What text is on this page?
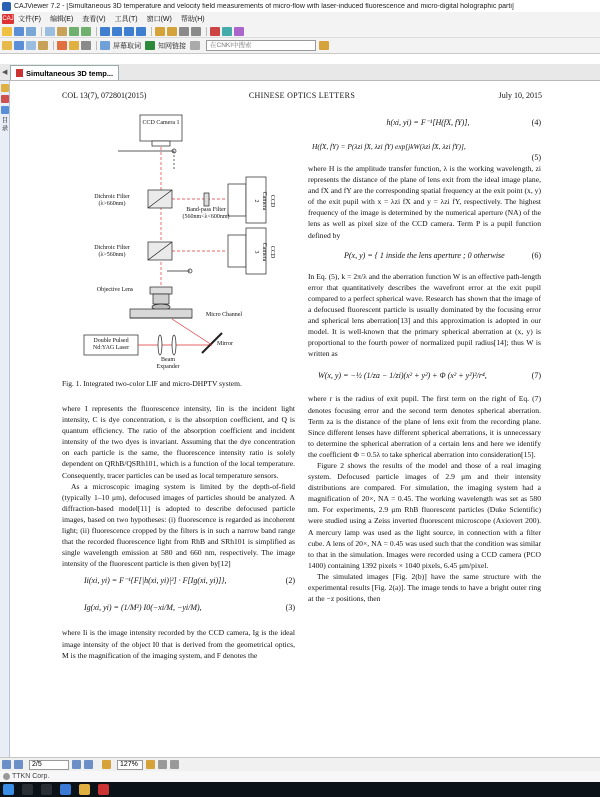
CAJViewer 7.2 - [Simultaneous 3D temperature and velocity field measurements of micro-flow with laser-induced fluorescence and micro-digital holographic parti]
CAJ 文件(F) 编辑(E) 查看(V) 工具(T) 窗口(W) 帮助(H)
屏幕取词 知网链接	在CNKI中搜索
◀	Simultaneous 3D temp...
目录
COL 13(7), 072801(2015)	CHINESE OPTICS LETTERS	July 10, 2015
CCD Camera 1
CCD Camera 2
CCD Camera 3
Dichroic Filter
(λ>660nm)
Dichroic Filter
(λ>560nm)
Band-pass Filter
(560nm<λ<600nm)
Objective Lens
Micro Channel
Double Pulsed
Nd:YAG Laser
Mirror
Beam
Expander
Fig. 1. Integrated two-color LIF and micro-DHPTV system.
where I represents the fluorescence intensity, Iin is the incident light intensity, C is dye concentration, ε is the absorption coefficient, and Q is quantum efficiency. The ratio of the absorption coefficient and incident intensity of the two dyes is invariant. Assuming that the dye concentration on each particle is the same, the fluorescence intensity ratio is solely dependent on QRhB/QSRh101, which is a function of the local temperature. Consequently, tracer particles can be used as local temperature sensors.
As a microscopic imaging system is limited by the depth-of-field (typically 1–10 μm), defocused images of particles should be analyzed. A diffraction-based model[11] is adopted to describe defocused particle images, based on two hypotheses: (i) fluorescence is regarded as incoherent light; (ii) fluorescence cropped by the filters is in such a narrow band range that the recorded fluorescence light from RhB and SRh101 is simplified as single wavelength emission at 580 and 660 nm, respectively. The image intensity of the fluorescent particle is then given by[12]
Ii(xi, yi) = F⁻¹{F[|h(xi, yi)|²] · F[Ig(xi, yi)]},	(2)
Ig(xi, yi) = (1/M²) I0(−xi/M, −yi/M),	(3)
where Ii is the image intensity recorded by the CCD camera, Ig is the ideal image intensity of the object I0 that is derived from the geometrical optics, M is the magnification of the imaging system, and F denotes the
h(xi, yi) = F⁻¹[H(fX, fY)],	(4)
H(fX, fY) = P(λzi fX, λzi fY) exp[jkW(λzi fX, λzi fY)],
(5)
where H is the amplitude transfer function, λ is the working wavelength, zi represents the distance of the plane of lens exit from the ideal image plane, and fX and fY are the corresponding spatial frequency at the exit point (x, y) of the exit pupil with x = λzi fX and y = λzi fY, respectively. The highest frequency of the image is determined by the numerical aperture (NA) of the lens as well as pixel size of the CCD camera. Term P is a pupil function defined by
P(x, y) = { 1 inside the lens aperture ; 0 otherwise	(6)
In Eq. (5), k = 2π/λ and the aberration function W is an effective path-length error that quantitatively describes the wavefront error at the exit pupil compared to a perfect spherical wave. Research has shown that the image of a defocused fluorescent particle is usually dominated by the focusing error and spherical lens aberration[13] and this approximation is adopted in our model. It is well-known that the primary spherical aberration at (x, y) is proportional to the fourth power of normalized pupil radius[14]; thus W is written as
W(x, y) = −½ (1/za − 1/zi)(x² + y²) + Φ (x² + y²)²/r⁴,	(7)
where r is the radius of exit pupil. The first term on the right of Eq. (7) denotes focusing error and the second term denotes spherical aberration. Term za is the distance of the plane of lens exit from the recording plane. Since different lenses have different spherical aberrations, it is unnecessary to determine the spherical aberration of a certain lens and here we identify the coefficient Φ = 0.5λ to take spherical aberration into consideration[15].
Figure 2 shows the results of the model and those of a real imaging system. Defocused particle images of 2.9 μm and their intensity distributions are compared. For simulation, the imaging system had a magnification of 20×, NA = 0.45. The working wavelength was set as 580 nm. For experiments, 2.9 μm RhB fluorescent particles (Duke Scientific) were studied using a Zeiss inverted fluorescent microscope (Axiovert 200). A mercury lamp was used as the light source, in connection with a filter cube. A lens of 20×, NA = 0.45 was used such that the condition was similar to that in the simulation. Images were recorded using a CCD camera (PCO 1400) containing 1392 pixels × 1040 pixels, 6.45 μm/pixel.
The simulated images [Fig. 2(b)] have the same structure with the experimental results [Fig. 2(a)]. The image tends to have a bright outer ring at the −z positions, then
2/5	127%
TTKN Corp.
